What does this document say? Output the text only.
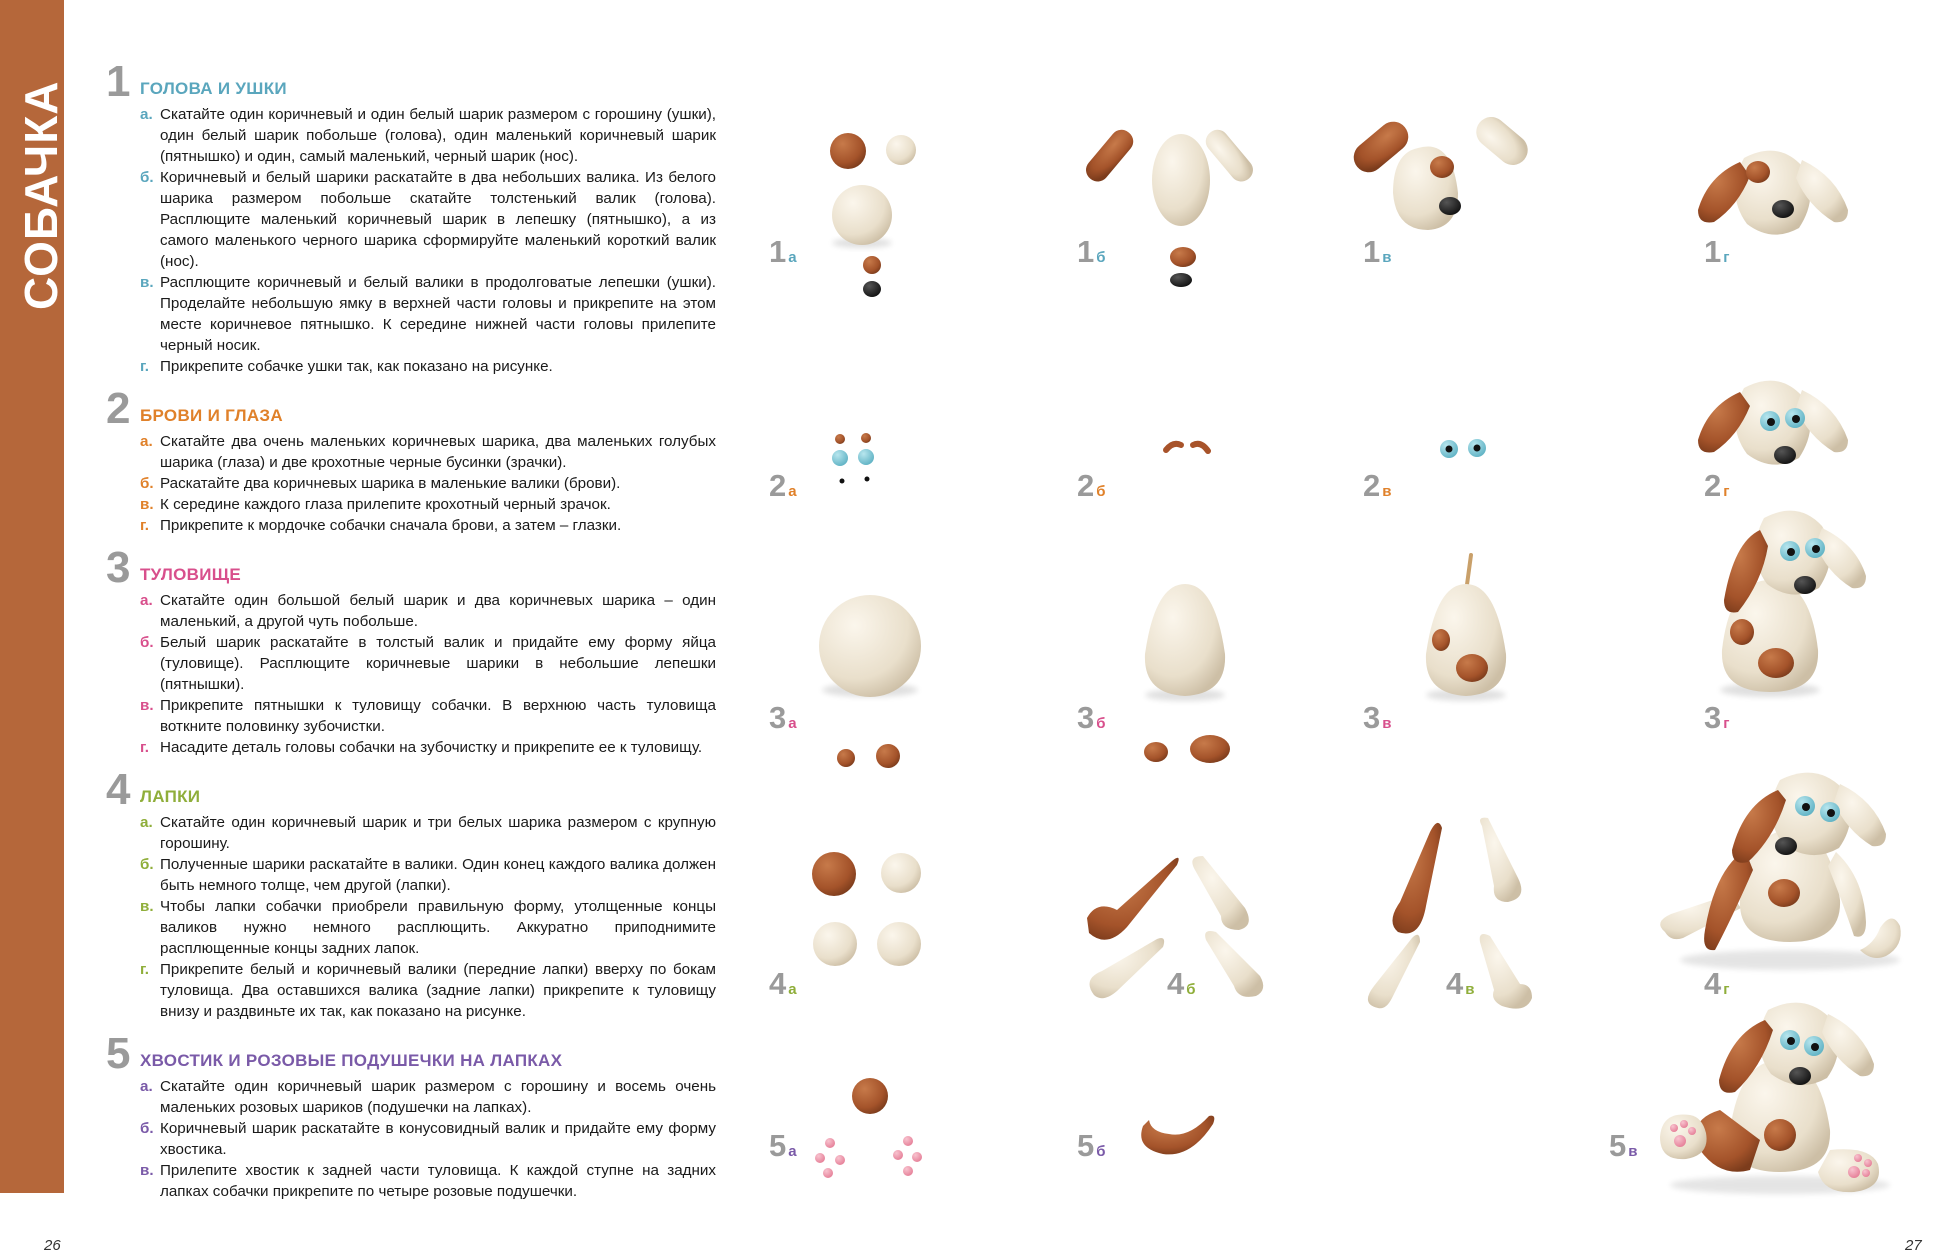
СОБАЧКА
26	27
1 ГОЛОВА И УШКИ
а. Скатайте один коричневый и один белый шарик размером с горошину (ушки), один белый шарик побольше (голова), один маленький коричневый шарик (пятнышко) и один, самый маленький, черный шарик (нос).
б. Коричневый и белый шарики раскатайте в два небольших валика. Из белого шарика размером побольше скатайте толстенький валик (голова). Расплющите маленький коричневый шарик в лепешку (пятнышко), а из самого маленького черного шарика сформируйте маленький короткий валик (нос).
в. Расплющите коричневый и белый валики в продолговатые лепешки (ушки). Проделайте небольшую ямку в верхней части головы и прикрепите на этом месте коричневое пятнышко. К середине нижней части головы прилепите черный носик.
г. Прикрепите собачке ушки так, как показано на рисунке.
2 БРОВИ И ГЛАЗА
а. Скатайте два очень маленьких коричневых шарика, два маленьких голубых шарика (глаза) и две крохотные черные бусинки (зрачки).
б. Раскатайте два коричневых шарика в маленькие валики (брови).
в. К середине каждого глаза прилепите крохотный черный зрачок.
г. Прикрепите к мордочке собачки сначала брови, а затем – глазки.
3 ТУЛОВИЩЕ
а. Скатайте один большой белый шарик и два коричневых шарика – один маленький, а другой чуть побольше.
б. Белый шарик раскатайте в толстый валик и придайте ему форму яйца (туловище). Расплющите коричневые шарики в небольшие лепешки (пятнышки).
в. Прикрепите пятнышки к туловищу собачки. В верхнюю часть туловища воткните половинку зубочистки.
г. Насадите деталь головы собачки на зубочистку и прикрепите ее к туловищу.
4 ЛАПКИ
а. Скатайте один коричневый шарик и три белых шарика размером с крупную горошину.
б. Полученные шарики раскатайте в валики. Один конец каждого валика должен быть немного толще, чем другой (лапки).
в. Чтобы лапки собачки приобрели правильную форму, утолщенные концы валиков нужно немного расплющить. Аккуратно приподнимите расплющенные концы задних лапок.
г. Прикрепите белый и коричневый валики (передние лапки) вверху по бокам туловища. Два оставшихся валика (задние лапки) прикрепите к туловищу внизу и раздвиньте их так, как показано на рисунке.
5 ХВОСТИК И РОЗОВЫЕ ПОДУШЕЧКИ НА ЛАПКАХ
а. Скатайте один коричневый шарик размером с горошину и восемь очень маленьких розовых шариков (подушечки на лапках).
б. Коричневый шарик раскатайте в конусовидный валик и придайте ему форму хвостика.
в. Прилепите хвостик к задней части туловища. К каждой ступне на задних лапках собачки прикрепите по четыре розовые подушечки.
1 а	1 б	1 в	1 г
2 а	2 б	2 в	2 г
3 а	3 б	3 в	3 г
4 а	4 б	4 в	4 г
5 а	5 б	5 в
